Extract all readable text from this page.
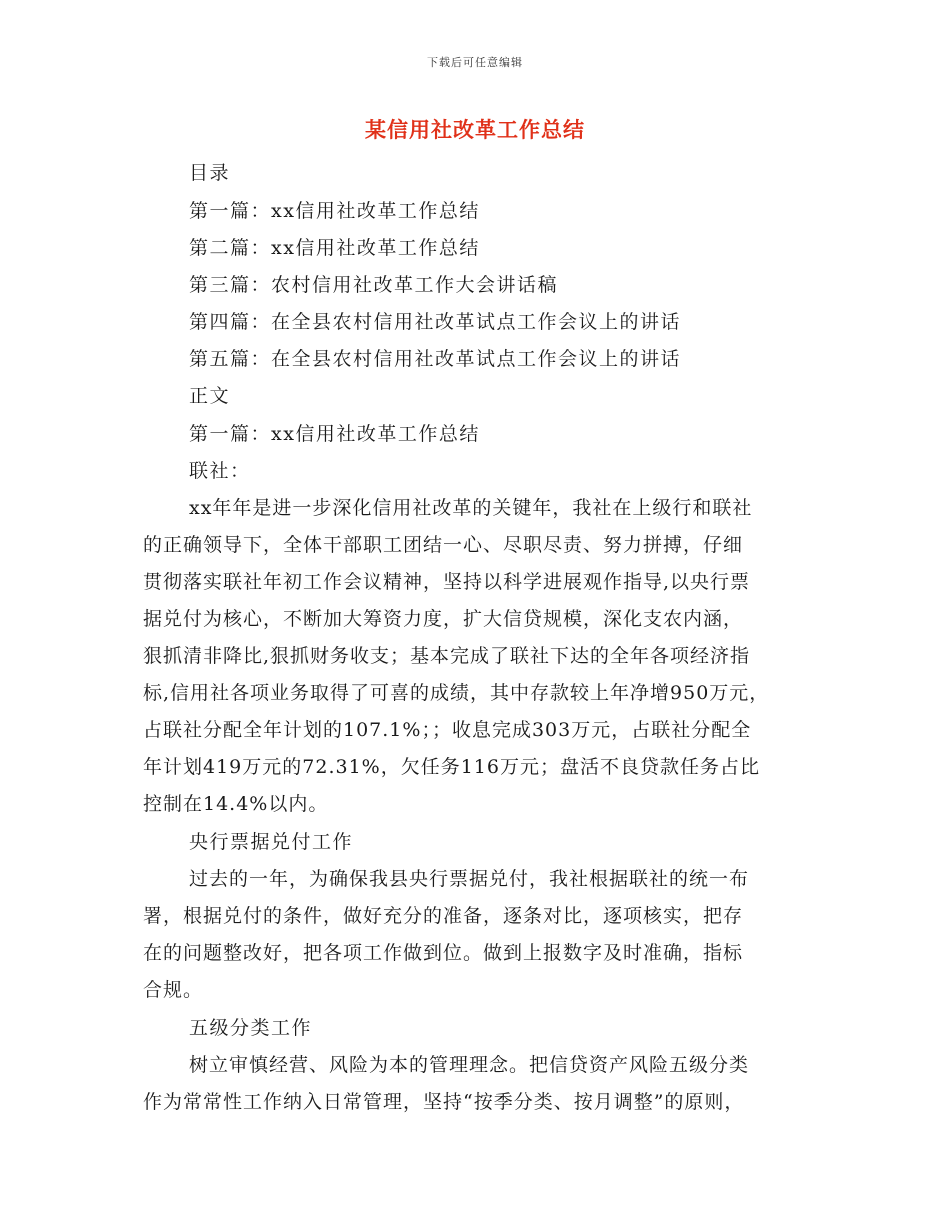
下载后可任意编辑
某信用社改革工作总结
目录
第一篇：xx信用社改革工作总结
第二篇：xx信用社改革工作总结
第三篇：农村信用社改革工作大会讲话稿
第四篇：在全县农村信用社改革试点工作会议上的讲话
第五篇：在全县农村信用社改革试点工作会议上的讲话
正文
第一篇：xx信用社改革工作总结
联社：
xx年年是进一步深化信用社改革的关键年，我社在上级行和联社
的正确领导下，全体干部职工团结一心、尽职尽责、努力拼搏，仔细
贯彻落实联社年初工作会议精神，坚持以科学进展观作指导,以央行票
据兑付为核心，不断加大筹资力度，扩大信贷规模，深化支农内涵，
狠抓清非降比,狠抓财务收支；基本完成了联社下达的全年各项经济指
标,信用社各项业务取得了可喜的成绩，其中存款较上年净增950万元，
占联社分配全年计划的107.1%；；收息完成303万元，占联社分配全
年计划419万元的72.31%，欠任务116万元；盘活不良贷款任务占比
控制在14.4%以内。
央行票据兑付工作
过去的一年，为确保我县央行票据兑付，我社根据联社的统一布
署，根据兑付的条件，做好充分的准备，逐条对比，逐项核实，把存
在的问题整改好，把各项工作做到位。做到上报数字及时准确，指标
合规。
五级分类工作
树立审慎经营、风险为本的管理理念。把信贷资产风险五级分类
作为常常性工作纳入日常管理，坚持“按季分类、按月调整”的原则，
